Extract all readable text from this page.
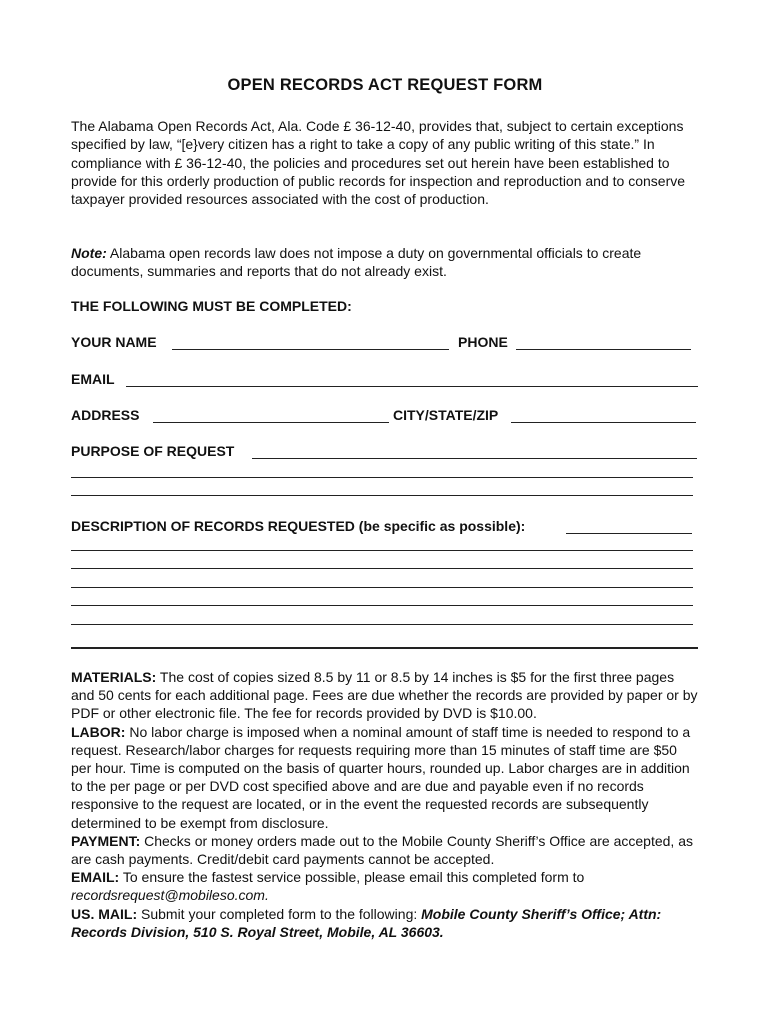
OPEN RECORDS ACT REQUEST FORM
The Alabama Open Records Act, Ala. Code £ 36-12-40, provides that, subject to certain exceptions specified by law, “[e}very citizen has a right to take a copy of any public writing of this state.” In compliance with £ 36-12-40, the policies and procedures set out herein have been established to provide for this orderly production of public records for inspection and reproduction and to conserve taxpayer provided resources associated with the cost of production.
Note: Alabama open records law does not impose a duty on governmental officials to create documents, summaries and reports that do not already exist.
THE FOLLOWING MUST BE COMPLETED:
YOUR NAME	PHONE
EMAIL
ADDRESS	CITY/STATE/ZIP
PURPOSE OF REQUEST
DESCRIPTION OF RECORDS REQUESTED (be specific as possible):
MATERIALS: The cost of copies sized 8.5 by 11 or 8.5 by 14 inches is $5 for the first three pages and 50 cents for each additional page. Fees are due whether the records are provided by paper or by PDF or other electronic file. The fee for records provided by DVD is $10.00.
LABOR: No labor charge is imposed when a nominal amount of staff time is needed to respond to a request. Research/labor charges for requests requiring more than 15 minutes of staff time are $50 per hour. Time is computed on the basis of quarter hours, rounded up. Labor charges are in addition to the per page or per DVD cost specified above and are due and payable even if no records responsive to the request are located, or in the event the requested records are subsequently determined to be exempt from disclosure.
PAYMENT: Checks or money orders made out to the Mobile County Sheriff’s Office are accepted, as are cash payments. Credit/debit card payments cannot be accepted.
EMAIL: To ensure the fastest service possible, please email this completed form to
recordsrequest@mobileso.com.
US. MAIL: Submit your completed form to the following: Mobile County Sheriff’s Office; Attn: Records Division, 510 S. Royal Street, Mobile, AL 36603.
